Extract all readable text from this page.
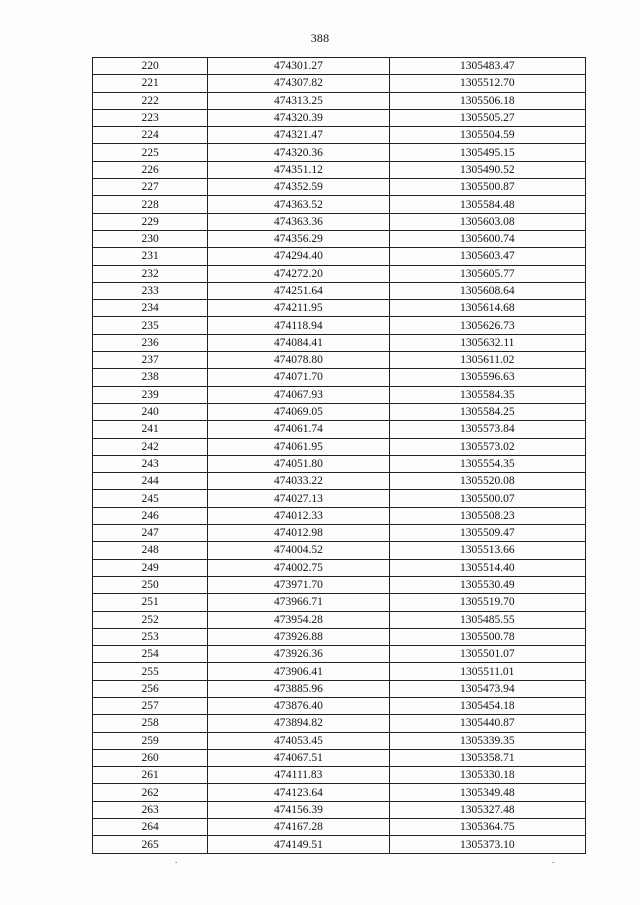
388
220	474301.27	1305483.47
221	474307.82	1305512.70
222	474313.25	1305506.18
223	474320.39	1305505.27
224	474321.47	1305504.59
225	474320.36	1305495.15
226	474351.12	1305490.52
227	474352.59	1305500.87
228	474363.52	1305584.48
229	474363.36	1305603.08
230	474356.29	1305600.74
231	474294.40	1305603.47
232	474272.20	1305605.77
233	474251.64	1305608.64
234	474211.95	1305614.68
235	474118.94	1305626.73
236	474084.41	1305632.11
237	474078.80	1305611.02
238	474071.70	1305596.63
239	474067.93	1305584.35
240	474069.05	1305584.25
241	474061.74	1305573.84
242	474061.95	1305573.02
243	474051.80	1305554.35
244	474033.22	1305520.08
245	474027.13	1305500.07
246	474012.33	1305508.23
247	474012.98	1305509.47
248	474004.52	1305513.66
249	474002.75	1305514.40
250	473971.70	1305530.49
251	473966.71	1305519.70
252	473954.28	1305485.55
253	473926.88	1305500.78
254	473926.36	1305501.07
255	473906.41	1305511.01
256	473885.96	1305473.94
257	473876.40	1305454.18
258	473894.82	1305440.87
259	474053.45	1305339.35
260	474067.51	1305358.71
261	474111.83	1305330.18
262	474123.64	1305349.48
263	474156.39	1305327.48
264	474167.28	1305364.75
265	474149.51	1305373.10
.	.
